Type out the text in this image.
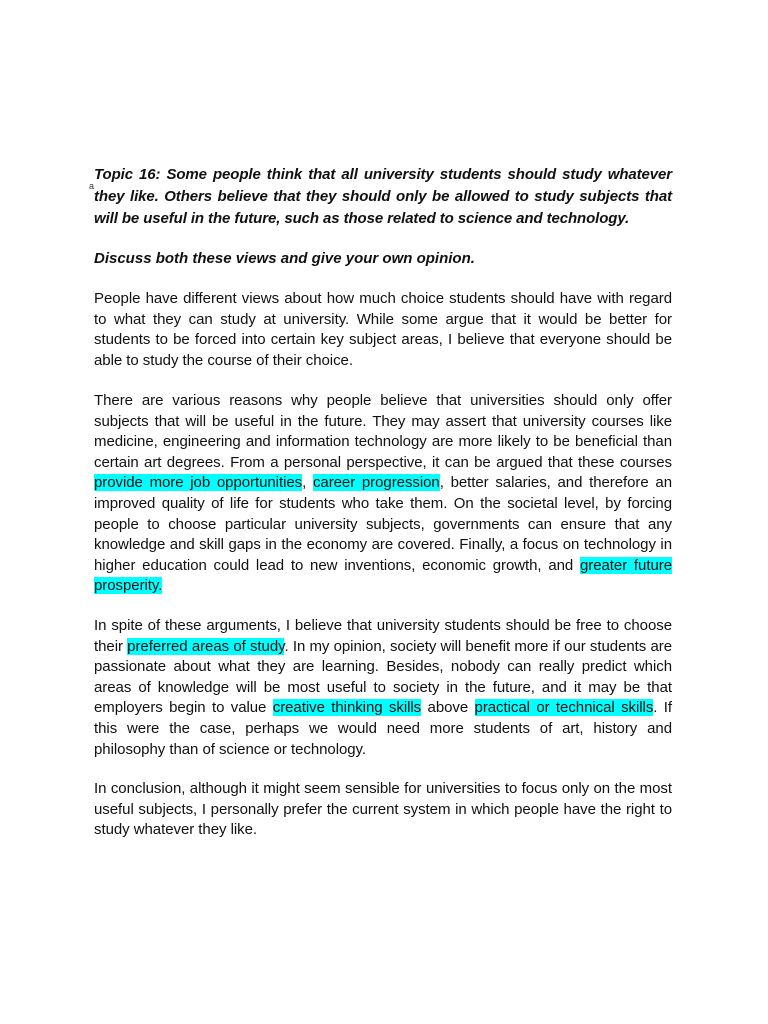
a

Topic 16: Some people think that all university students should study whatever they like. Others believe that they should only be allowed to study subjects that will be useful in the future, such as those related to science and technology.

Discuss both these views and give your own opinion.

People have different views about how much choice students should have with regard to what they can study at university. While some argue that it would be better for students to be forced into certain key subject areas, I believe that everyone should be able to study the course of their choice.

There are various reasons why people believe that universities should only offer subjects that will be useful in the future. They may assert that university courses like medicine, engineering and information technology are more likely to be beneficial than certain art degrees. From a personal perspective, it can be argued that these courses provide more job opportunities, career progression, better salaries, and therefore an improved quality of life for students who take them. On the societal level, by forcing people to choose particular university subjects, governments can ensure that any knowledge and skill gaps in the economy are covered. Finally, a focus on technology in higher education could lead to new inventions, economic growth, and greater future prosperity.

In spite of these arguments, I believe that university students should be free to choose their preferred areas of study. In my opinion, society will benefit more if our students are passionate about what they are learning. Besides, nobody can really predict which areas of knowledge will be most useful to society in the future, and it may be that employers begin to value creative thinking skills above practical or technical skills. If this were the case, perhaps we would need more students of art, history and philosophy than of science or technology.

In conclusion, although it might seem sensible for universities to focus only on the most useful subjects, I personally prefer the current system in which people have the right to study whatever they like.
